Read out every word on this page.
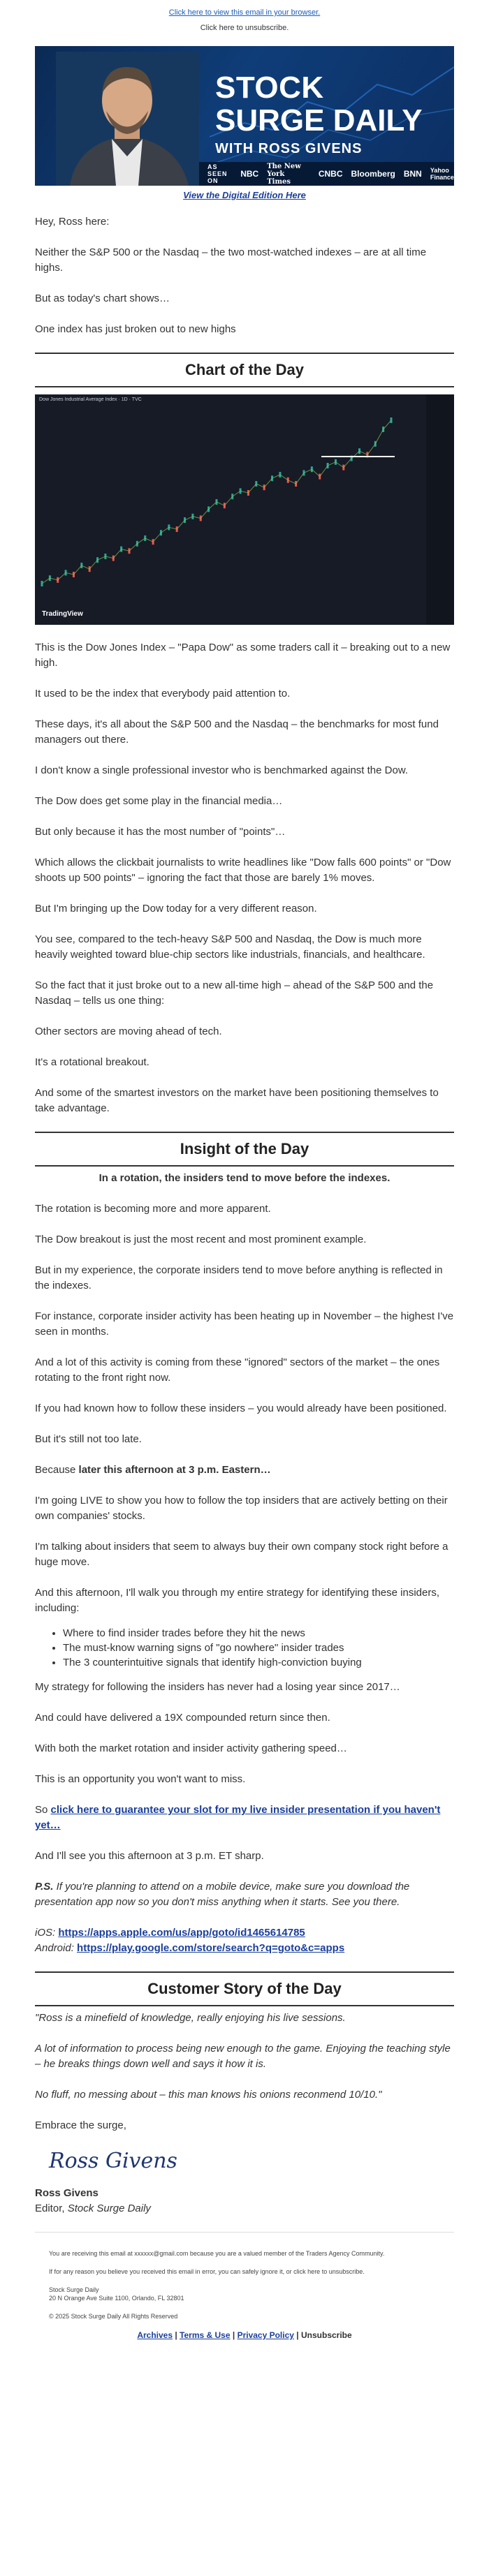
Click here to view this email in your browser.
Click here to unsubscribe.
STOCK
SURGE DAILY
WITH ROSS GIVENS
AS SEEN ON
NBC
The New York Times
CNBC Bloomberg BNN Yahoo Finance
View the Digital Edition Here

Hey, Ross here:

Neither the S&P 500 or the Nasdaq – the two most-watched indexes – are at all time highs.

But as today's chart shows…

One index has just broken out to new highs

Chart of the Day
Dow Jones Industrial Average Index · 1D · TVC
TradingView

This is the Dow Jones Index – "Papa Dow" as some traders call it – breaking out to a new high.

It used to be the index that everybody paid attention to.

These days, it's all about the S&P 500 and the Nasdaq – the benchmarks for most fund managers out there.

I don't know a single professional investor who is benchmarked against the Dow.

The Dow does get some play in the financial media…

But only because it has the most number of "points"…

Which allows the clickbait journalists to write headlines like "Dow falls 600 points" or "Dow shoots up 500 points" – ignoring the fact that those are barely 1% moves.

But I'm bringing up the Dow today for a very different reason.

You see, compared to the tech-heavy S&P 500 and Nasdaq, the Dow is much more heavily weighted toward blue-chip sectors like industrials, financials, and healthcare.

So the fact that it just broke out to a new all-time high – ahead of the S&P 500 and the Nasdaq – tells us one thing:

Other sectors are moving ahead of tech.

It's a rotational breakout.

And some of the smartest investors on the market have been positioning themselves to take advantage.

Insight of the Day

In a rotation, the insiders tend to move before the indexes.

The rotation is becoming more and more apparent.

The Dow breakout is just the most recent and most prominent example.

But in my experience, the corporate insiders tend to move before anything is reflected in the indexes.

For instance, corporate insider activity has been heating up in November – the highest I've seen in months.

And a lot of this activity is coming from these "ignored" sectors of the market – the ones rotating to the front right now.

If you had known how to follow these insiders – you would already have been positioned.

But it's still not too late.

Because later this afternoon at 3 p.m. Eastern…

I'm going LIVE to show you how to follow the top insiders that are actively betting on their own companies' stocks.

I'm talking about insiders that seem to always buy their own company stock right before a huge move.

And this afternoon, I'll walk you through my entire strategy for identifying these insiders, including:

• Where to find insider trades before they hit the news
• The must-know warning signs of "go nowhere" insider trades
• The 3 counterintuitive signals that identify high-conviction buying

My strategy for following the insiders has never had a losing year since 2017…

And could have delivered a 19X compounded return since then.

With both the market rotation and insider activity gathering speed…

This is an opportunity you won't want to miss.

So click here to guarantee your slot for my live insider presentation if you haven't yet…

And I'll see you this afternoon at 3 p.m. ET sharp.

P.S. If you're planning to attend on a mobile device, make sure you download the presentation app now so you don't miss anything when it starts. See you there.

iOS: https://apps.apple.com/us/app/goto/id1465614785

Android: https://play.google.com/store/search?q=goto&c=apps

Customer Story of the Day

"Ross is a minefield of knowledge, really enjoying his live sessions.

A lot of information to process being new enough to the game. Enjoying the teaching style – he breaks things down well and says it how it is.

No fluff, no messing about – this man knows his onions reconmend 10/10."

Embrace the surge,

Ross Givens

Ross Givens

Editor, Stock Surge Daily

You are receiving this email at xxxxxx@gmail.com because you are a valued member of the Traders Agency Community.

If for any reason you believe you received this email in error, you can safely ignore it, or click here to unsubscribe.

Stock Surge Daily

20 N Orange Ave Suite 1100, Orlando, FL 32801

© 2025 Stock Surge Daily All Rights Reserved

Archives | Terms & Use | Privacy Policy | Unsubscribe
